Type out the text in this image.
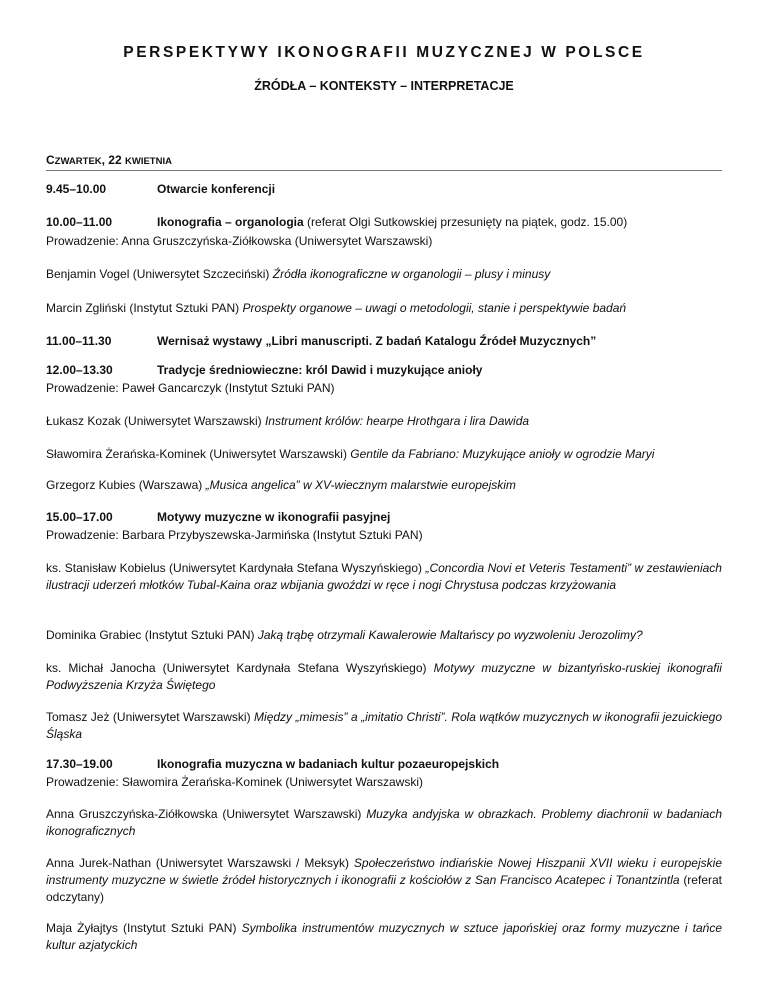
PERSPEKTYWY IKONOGRAFII MUZYCZNEJ W POLSCE
ŹRÓDŁA – KONTEKSTY – INTERPRETACJE
CZWARTEK, 22 KWIETNIA
9.45–10.00	Otwarcie konferencji
10.00–11.00	Ikonografia – organologia (referat Olgi Sutkowskiej przesunięty na piątek, godz. 15.00)
Prowadzenie: Anna Gruszczyńska-Ziółkowska (Uniwersytet Warszawski)
Benjamin Vogel (Uniwersytet Szczeciński) Źródła ikonograficzne w organologii – plusy i minusy
Marcin Zgliński (Instytut Sztuki PAN) Prospekty organowe – uwagi o metodologii, stanie i perspektywie badań
11.00–11.30	Wernisaż wystawy „Libri manuscripti. Z badań Katalogu Źródeł Muzycznych”
12.00–13.30	Tradycje średniowieczne: król Dawid i muzykujące anioły
Prowadzenie: Paweł Gancarczyk (Instytut Sztuki PAN)
Łukasz Kozak (Uniwersytet Warszawski) Instrument królów: hearpe Hrothgara i lira Dawida
Sławomira Żerańska-Kominek (Uniwersytet Warszawski) Gentile da Fabriano: Muzykujące anioły w ogrodzie Maryi
Grzegorz Kubies (Warszawa) „Musica angelica” w XV-wiecznym malarstwie europejskim
15.00–17.00	Motywy muzyczne w ikonografii pasyjnej
Prowadzenie: Barbara Przybyszewska-Jarmińska (Instytut Sztuki PAN)
ks. Stanisław Kobielus (Uniwersytet Kardynała Stefana Wyszyńskiego) „Concordia Novi et Veteris Testamenti” w zestawieniach ilustracji uderzeń młotków Tubal-Kaina oraz wbijania gwoździ w ręce i nogi Chrystusa podczas krzyżowania
Dominika Grabiec (Instytut Sztuki PAN) Jaką trąbę otrzymali Kawalerowie Maltańscy po wyzwoleniu Jerozolimy?
ks. Michał Janocha (Uniwersytet Kardynała Stefana Wyszyńskiego) Motywy muzyczne w bizantyńsko-ruskiej ikonografii Podwyższenia Krzyża Świętego
Tomasz Jeż (Uniwersytet Warszawski) Między „mimesis” a „imitatio Christi”. Rola wątków muzycznych w ikonografii jezuickiego Śląska
17.30–19.00	Ikonografia muzyczna w badaniach kultur pozaeuropejskich
Prowadzenie: Sławomira Żerańska-Kominek (Uniwersytet Warszawski)
Anna Gruszczyńska-Ziółkowska (Uniwersytet Warszawski) Muzyka andyjska w obrazkach. Problemy diachronii w badaniach ikonograficznych
Anna Jurek-Nathan (Uniwersytet Warszawski / Meksyk) Społeczeństwo indiańskie Nowej Hiszpanii XVII wieku i europejskie instrumenty muzyczne w świetle źródeł historycznych i ikonografii z kościołów z San Francisco Acatepec i Tonantzintla (referat odczytany)
Maja Żyłajtys (Instytut Sztuki PAN) Symbolika instrumentów muzycznych w sztuce japońskiej oraz formy muzyczne i tańce kultur azjatyckich
